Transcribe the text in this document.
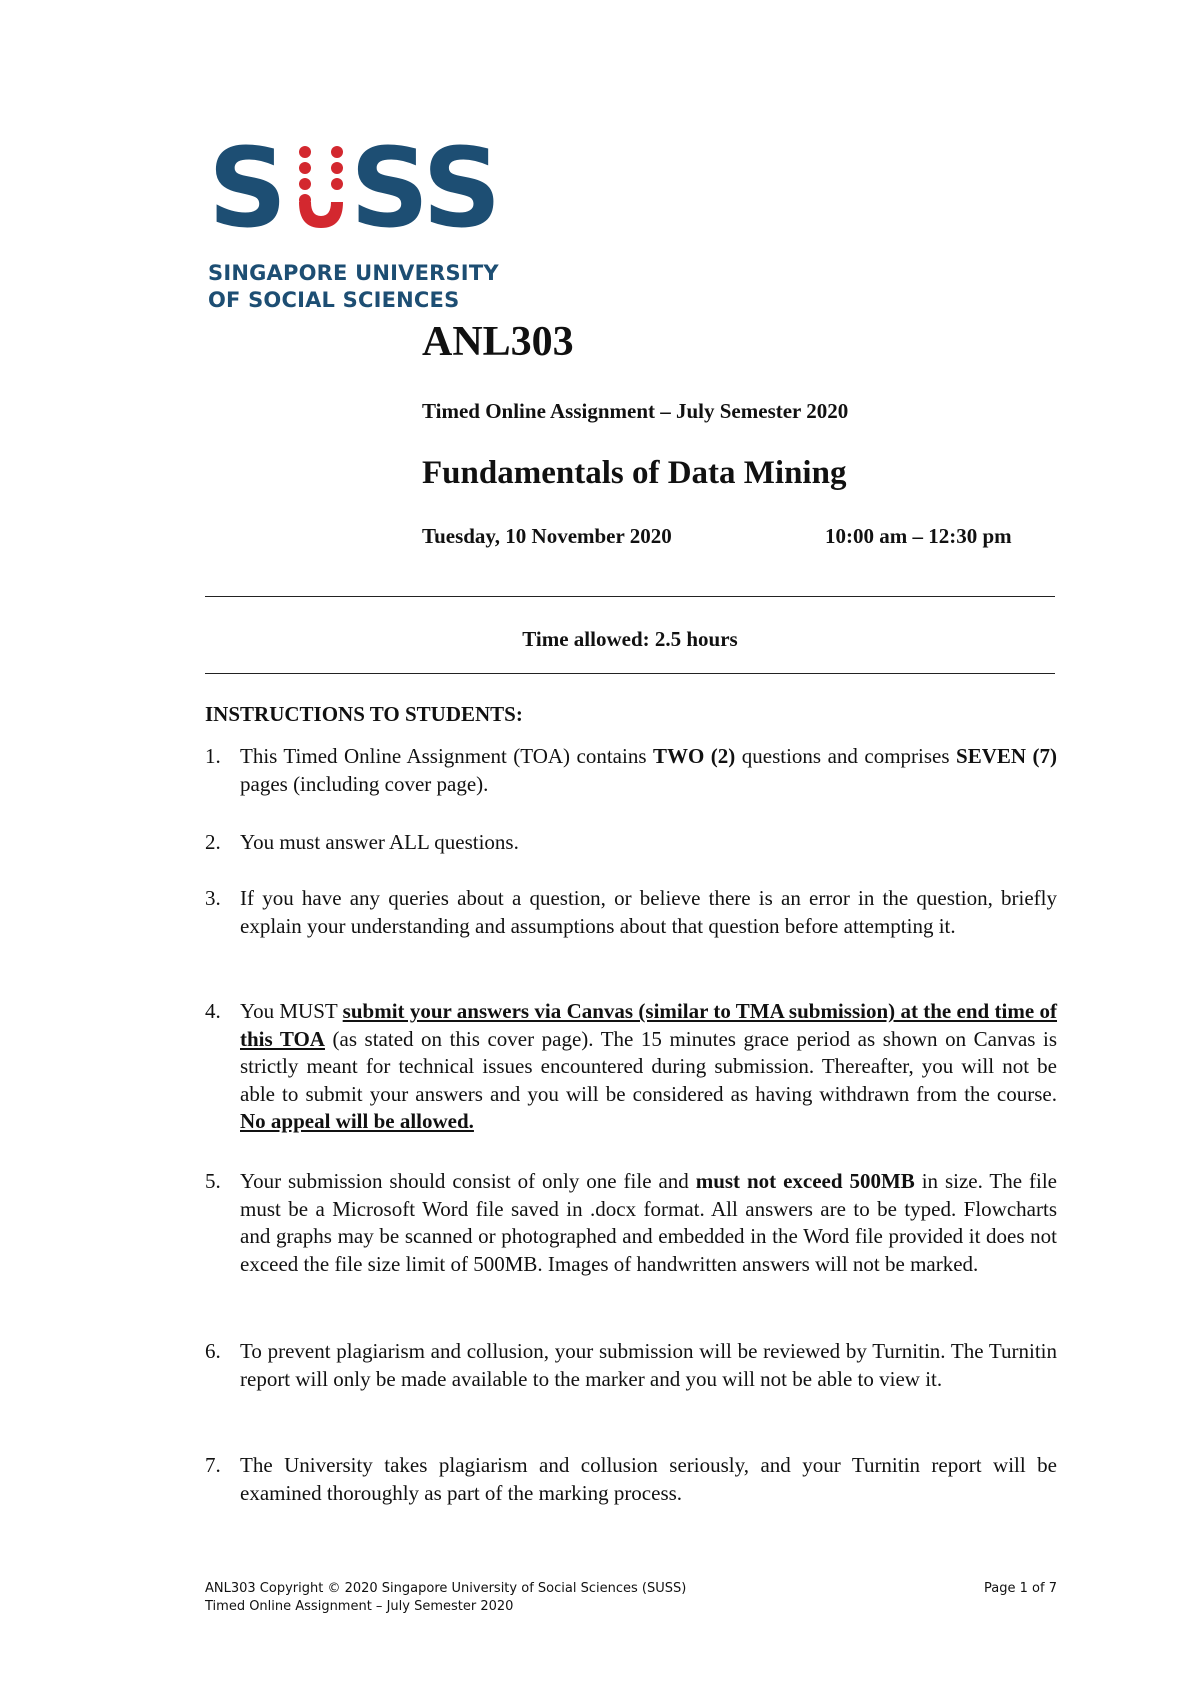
S SS
SINGAPORE UNIVERSITY
OF SOCIAL SCIENCES
ANL303
Timed Online Assignment – July Semester 2020
Fundamentals of Data Mining
Tuesday, 10 November 2020	10:00 am – 12:30 pm
Time allowed: 2.5 hours
INSTRUCTIONS TO STUDENTS:
1. This Timed Online Assignment (TOA) contains TWO (2) questions and comprises SEVEN (7) pages (including cover page).
2. You must answer ALL questions.
3. If you have any queries about a question, or believe there is an error in the question, briefly explain your understanding and assumptions about that question before attempting it.
4. You MUST submit your answers via Canvas (similar to TMA submission) at the end time of this TOA (as stated on this cover page). The 15 minutes grace period as shown on Canvas is strictly meant for technical issues encountered during submission. Thereafter, you will not be able to submit your answers and you will be considered as having withdrawn from the course. No appeal will be allowed.
5. Your submission should consist of only one file and must not exceed 500MB in size. The file must be a Microsoft Word file saved in .docx format. All answers are to be typed. Flowcharts and graphs may be scanned or photographed and embedded in the Word file provided it does not exceed the file size limit of 500MB. Images of handwritten answers will not be marked.
6. To prevent plagiarism and collusion, your submission will be reviewed by Turnitin. The Turnitin report will only be made available to the marker and you will not be able to view it.
7. The University takes plagiarism and collusion seriously, and your Turnitin report will be examined thoroughly as part of the marking process.
ANL303 Copyright © 2020 Singapore University of Social Sciences (SUSS)
Timed Online Assignment – July Semester 2020
Page 1 of 7
